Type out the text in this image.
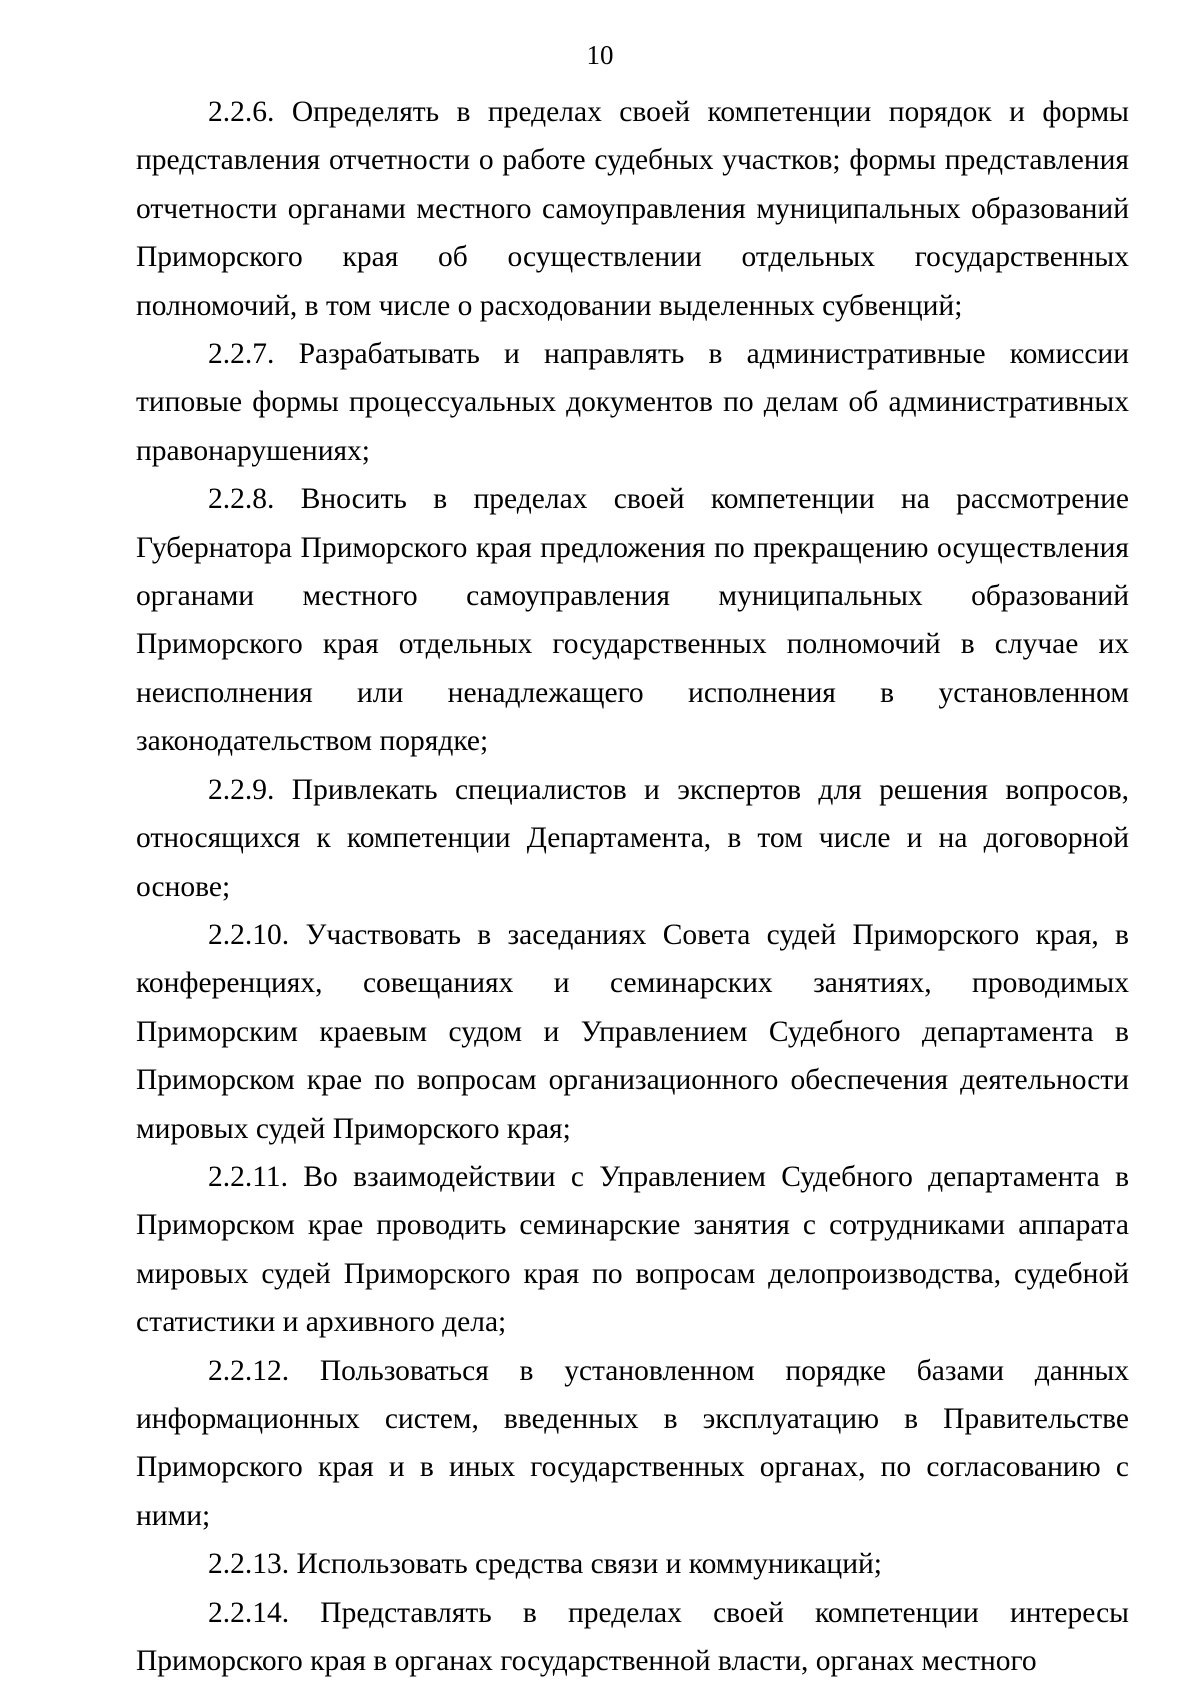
10

2.2.6. Определять в пределах своей компетенции порядок и формы представления отчетности о работе судебных участков; формы представления отчетности органами местного самоуправления муниципальных образований Приморского края об осуществлении отдельных государственных полномочий, в том числе о расходовании выделенных субвенций;

2.2.7. Разрабатывать и направлять в административные комиссии типовые формы процессуальных документов по делам об административных правонарушениях;

2.2.8. Вносить в пределах своей компетенции на рассмотрение Губернатора Приморского края предложения по прекращению осуществления органами местного самоуправления муниципальных образований Приморского края отдельных государственных полномочий в случае их неисполнения или ненадлежащего исполнения в установленном законодательством порядке;

2.2.9. Привлекать специалистов и экспертов для решения вопросов, относящихся к компетенции Департамента, в том числе и на договорной основе;

2.2.10. Участвовать в заседаниях Совета судей Приморского края, в конференциях, совещаниях и семинарских занятиях, проводимых Приморским краевым судом и Управлением Судебного департамента в Приморском крае по вопросам организационного обеспечения деятельности мировых судей Приморского края;

2.2.11. Во взаимодействии с Управлением Судебного департамента в Приморском крае проводить семинарские занятия с сотрудниками аппарата мировых судей Приморского края по вопросам делопроизводства, судебной статистики и архивного дела;

2.2.12. Пользоваться в установленном порядке базами данных информационных систем, введенных в эксплуатацию в Правительстве Приморского края и в иных государственных органах, по согласованию с ними;

2.2.13. Использовать средства связи и коммуникаций;

2.2.14. Представлять в пределах своей компетенции интересы Приморского края в органах государственной власти, органах местного
